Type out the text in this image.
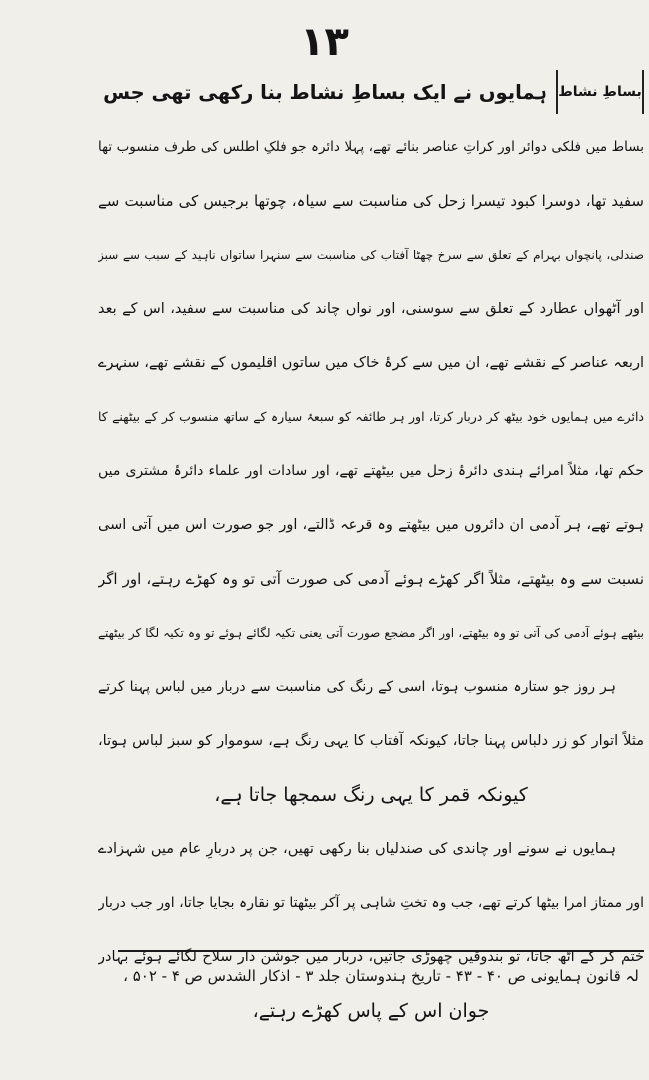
١٣
بساطِ نشاط
ہمایوں نے ایک بساطِ نشاط بنا رکھی تھی جس
بساط میں فلکی دوائر اور کراتِ عناصر بنائے تھے، پہلا دائرہ جو فلکِ اطلس کی طرف منسوب تھا
سفید تھا، دوسرا کبود تیسرا زحل کی مناسبت سے سیاہ، چوتھا برجیس کی مناسبت سے
صندلی، پانچواں بہرام کے تعلق سے سرخ چھٹا آفتاب کی مناسبت سے سنہرا ساتواں ناہید کے سبب سے سبز
اور آٹھواں عطارد کے تعلق سے سوسنی، اور نواں چاند کی مناسبت سے سفید، اس کے بعد
اربعہ عناصر کے نقشے تھے، ان میں سے کرۂ خاک میں ساتوں اقلیموں کے نقشے تھے، سنہرے
دائرے میں ہمایوں خود بیٹھ کر دربار کرتا، اور ہر طائفہ کو سبعۂ سیارہ کے ساتھ منسوب کر کے بیٹھنے کا
حکم تھا، مثلاً امرائے ہندی دائرۂ زحل میں بیٹھتے تھے، اور سادات اور علماء دائرۂ مشتری میں
ہوتے تھے، ہر آدمی ان دائروں میں بیٹھتے وہ قرعہ ڈالتے، اور جو صورت اس میں آتی اسی
نسبت سے وہ بیٹھتے، مثلاً اگر کھڑے ہوئے آدمی کی صورت آتی تو وہ کھڑے رہتے، اور اگر
بیٹھے ہوئے آدمی کی آتی تو وہ بیٹھتے، اور اگر مضجع صورت آتی یعنی تکیہ لگائے ہوئے تو وہ تکیہ لگا کر بیٹھتے
ہر روز جو ستارہ منسوب ہوتا، اسی کے رنگ کی مناسبت سے دربار میں لباس پہنا کرتے
مثلاً اتوار کو زر دلباس پہنا جاتا، کیونکہ آفتاب کا یہی رنگ ہے، سوموار کو سبز لباس ہوتا،
کیونکہ قمر کا یہی رنگ سمجھا جاتا ہے،
ہمایوں نے سونے اور چاندی کی صندلیاں بنا رکھی تھیں، جن پر دربارِ عام میں شہزادے
اور ممتاز امرا بیٹھا کرتے تھے، جب وہ تختِ شاہی پر آکر بیٹھتا تو نقارہ بجایا جاتا، اور جب دربار
ختم کر کے اٹھ جاتا، تو بندوقیں چھوڑی جاتیں، دربار میں جوشن دار سلاح لگائے ہوئے بہادر
جوان اس کے پاس کھڑے رہتے،
لہ قانون ہمایونی ص ۴۰ - ۴۳ - تاریخ ہندوستان جلد ۳ - اذکار الشدس ص ۴ - ۵۰۲ ،
